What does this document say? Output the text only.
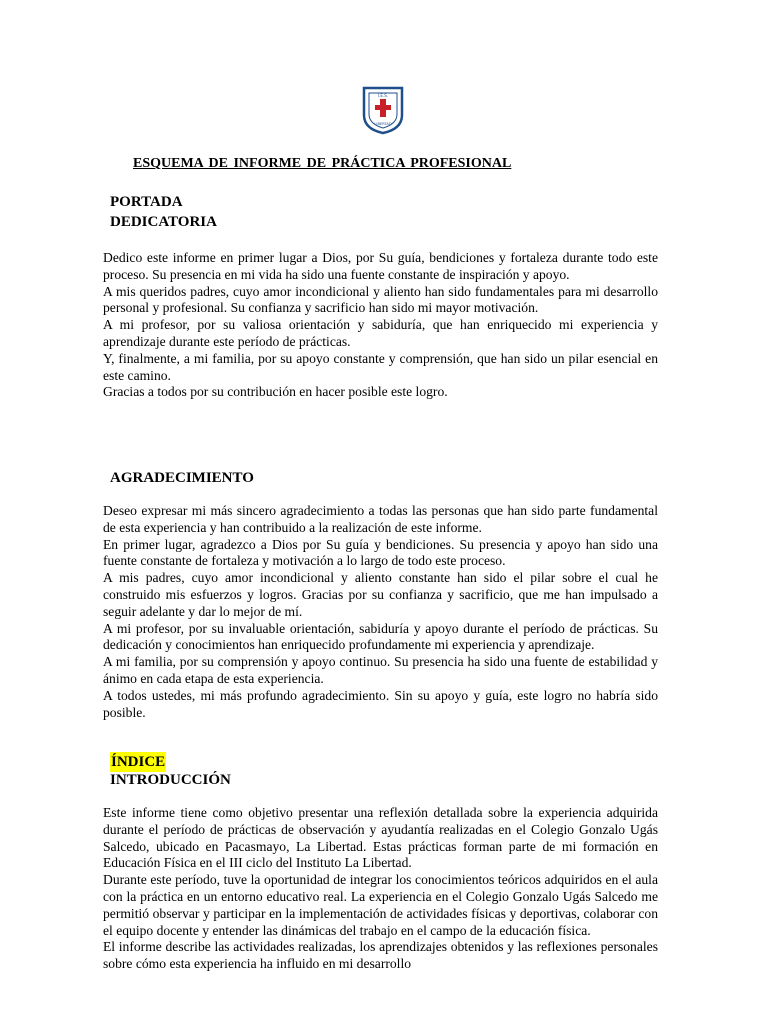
I.E.S.
LIBERTAD
ESQUEMA DE INFORME DE PRÁCTICA PROFESIONAL
PORTADA
DEDICATORIA

Dedico este informe en primer lugar a Dios, por Su guía, bendiciones y fortaleza durante todo este proceso. Su presencia en mi vida ha sido una fuente constante de inspiración y apoyo.

A mis queridos padres, cuyo amor incondicional y aliento han sido fundamentales para mi desarrollo personal y profesional. Su confianza y sacrificio han sido mi mayor motivación.

A mi profesor, por su valiosa orientación y sabiduría, que han enriquecido mi experiencia y aprendizaje durante este período de prácticas.

Y, finalmente, a mi familia, por su apoyo constante y comprensión, que han sido un pilar esencial en este camino.

Gracias a todos por su contribución en hacer posible este logro.

AGRADECIMIENTO

Deseo expresar mi más sincero agradecimiento a todas las personas que han sido parte fundamental de esta experiencia y han contribuido a la realización de este informe.

En primer lugar, agradezco a Dios por Su guía y bendiciones. Su presencia y apoyo han sido una fuente constante de fortaleza y motivación a lo largo de todo este proceso.

A mis padres, cuyo amor incondicional y aliento constante han sido el pilar sobre el cual he construido mis esfuerzos y logros. Gracias por su confianza y sacrificio, que me han impulsado a seguir adelante y dar lo mejor de mí.

A mi profesor, por su invaluable orientación, sabiduría y apoyo durante el período de prácticas. Su dedicación y conocimientos han enriquecido profundamente mi experiencia y aprendizaje.

A mi familia, por su comprensión y apoyo continuo. Su presencia ha sido una fuente de estabilidad y ánimo en cada etapa de esta experiencia.

A todos ustedes, mi más profundo agradecimiento. Sin su apoyo y guía, este logro no habría sido posible.

ÍNDICE
INTRODUCCIÓN

Este informe tiene como objetivo presentar una reflexión detallada sobre la experiencia adquirida durante el período de prácticas de observación y ayudantía realizadas en el Colegio Gonzalo Ugás Salcedo, ubicado en Pacasmayo, La Libertad. Estas prácticas forman parte de mi formación en Educación Física en el III ciclo del Instituto La Libertad.

Durante este período, tuve la oportunidad de integrar los conocimientos teóricos adquiridos en el aula con la práctica en un entorno educativo real. La experiencia en el Colegio Gonzalo Ugás Salcedo me permitió observar y participar en la implementación de actividades físicas y deportivas, colaborar con el equipo docente y entender las dinámicas del trabajo en el campo de la educación física.

El informe describe las actividades realizadas, los aprendizajes obtenidos y las reflexiones personales sobre cómo esta experiencia ha influido en mi desarrollo
